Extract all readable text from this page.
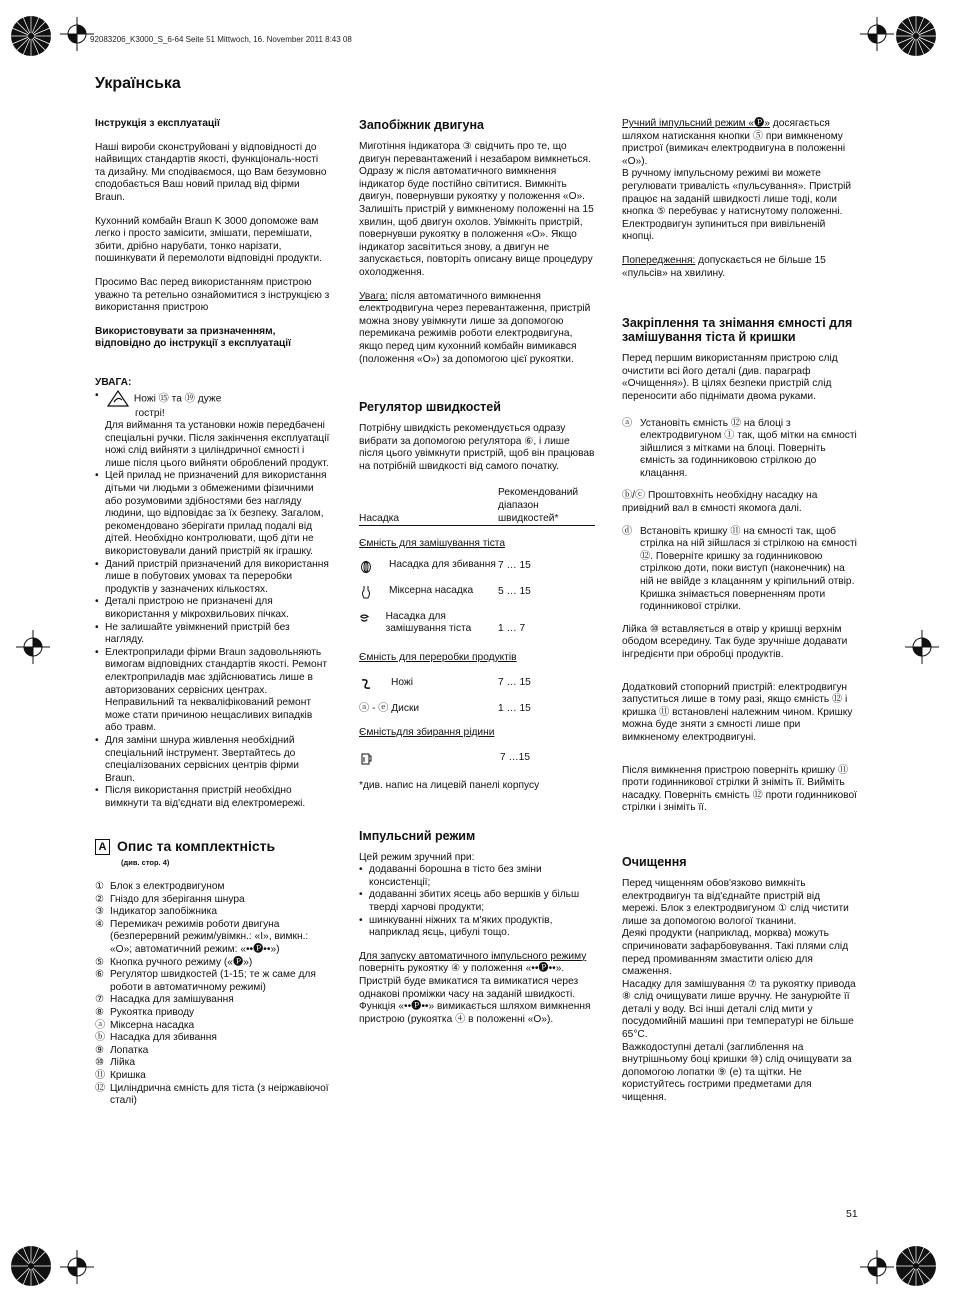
92083206_K3000_S_6-64 Seite 51 Mittwoch, 16. November 2011 8:43 08
Українська

Інструкція з експлуатації

Наші вироби сконструйовані у відповідності до найвищих стандартів якості, функціональ-ності та дизайну. Ми сподіваємося, що Вам безумовно сподобається Ваш новий прилад від фірми Braun.

Кухонний комбайн Braun K 3000 допоможе вам легко і просто замісити, змішати, перемішати, збити, дрібно нарубати, тонко нарізати, пошинкувати й перемолоти відповідні продукти.

Просимо Вас перед використанням пристрою уважно та ретельно ознайомитися з інструкцією з використання пристрою

Використовувати за призначенням, відповідно до інструкції з експлуатації

УВАГА:
• Ножі ⑮ та ⑲ дуже
гострі!
Для виймання та установки ножів передбачені спеціальні ручки. Після закінчення експлуатації ножі слід вийняти з циліндричної ємності і лише після цього вийняти оброблений продукт.
• Цей прилад не призначений для використання дітьми чи людьми з обмеженими фізичними або розумовими здібностями без нагляду людини, що відповідає за їх безпеку. Загалом, рекомендовано зберігати прилад подалі від дітей. Необхідно контролювати, щоб діти не використовували даний пристрій як іграшку.
• Даний пристрій призначений для використання лише в побутових умовах та переробки продуктів у зазначених кількостях.
• Деталі пристрою не призначені для використання у мікрохвильових пічках.
• Не залишайте увімкнений пристрій без нагляду.
• Електроприлади фірми Braun задовольняють вимогам відповідних стандартів якості. Ремонт електроприладів має здійснюватись лише в авторизованих сервісних центрах. Неправильний та некваліфікований ремонт може стати причиною нещасливих випадків або травм.
• Для заміни шнура живлення необхідний спеціальний інструмент. Звертайтесь до спеціалізованих сервісних центрів фірми Braun.
• Після використання пристрій необхідно вимкнути та від'єднати від електромережі.
A Опис та комплектність
(див. стор. 4)
① Блок з електродвигуном
② Гніздо для зберігання шнура
③ Індикатор запобіжника
④ Перемикач режимів роботи двигуна (безперервний режим/увімкн.: «I», вимкн.: «O»; автоматичний режим: «••🅟••»)
⑤ Кнопка ручного режиму («🅟»)
⑥ Регулятор швидкостей (1-15; те ж саме для роботи в автоматичному режимі)
⑦ Насадка для замішування
⑧ Рукоятка приводу
ⓐ Міксерна насадка
ⓑ Насадка для збивання
⑨ Лопатка
⑩ Лійка
⑪ Кришка
⑫ Циліндрична ємність для тіста (з неіржавіючої сталі)
Запобіжник двигуна

Миготіння індикатора ③ свідчить про те, що двигун перевантажений і незабаром вимкнеться. Одразу ж після автоматичного вимкнення індикатор буде постійно світитися. Вимкніть двигун, повернувши рукоятку у положення «O». Залишіть пристрій у вимкненому положенні на 15 хвилин, щоб двигун охолов. Увімкніть пристрій, повернувши рукоятку в положення «O». Якщо індикатор засвітиться знову, а двигун не запускається, повторіть описану вище процедуру охолодження.

Увага: після автоматичного вимкнення електродвигуна через перевантаження, пристрій можна знову увімкнути лише за допомогою перемикача режимів роботи електродвигуна, якщо перед цим кухонний комбайн вимикався (положення «O») за допомогою цієї рукоятки.

Регулятор швидкостей

Потрібну швидкість рекомендується одразу вибрати за допомогою регулятора ⑥, і лише після цього увімкнути пристрій, щоб він працював на потрібній швидкості від самого початку.

Насадка	Рекомендований діапазон швидкостей*
Ємність для замішування тіста	

Насадка для збивання	7 … 15

Міксерна насадка	5 … 15

Насадка для замішування тіста	1 … 7
Ємність для переробки продуктів	

Ножі	7 … 15
ⓐ - ⓔ Диски	1 … 15
Ємністьдля збирання рідини	
	7 …15

*див. напис на лицевій панелі корпусу

Імпульсний режим
Цей режим зручний при:
• додаванні борошна в тісто без зміни консистенції;
• додаванні збитих ясець або вершків у більш тверді харчові продукти;
• шинкуванні ніжних та м'яких продуктів, наприклад яєць, цибулі тощо.

Для запуску автоматичного імпульсного режиму поверніть рукоятку ④ у положення «••🅟••».
Пристрій буде вмикатися та вимикатися через однакові проміжки часу на заданій швидкості. Функція «••🅟••» вимикається шляхом вимкнення пристрою (рукоятка ④ в положенні «O»).

Ручний імпульсний режим «🅟» досягається шляхом натискання кнопки ⑤ при вимкненому пристрої (вимикач електродвигуна в положенні «O»).
В ручному імпульсному режимі ви можете регулювати тривалість «пульсування». Пристрій працює на заданій швидкості лише тоді, коли кнопка ⑤ перебуває у натиснутому положенні. Електродвигун зупиниться при вивільненій кнопці.

Попередження: допускається не більше 15 «пульсів» на хвилину.

Закріплення та знімання ємності для замішування тіста й кришки

Перед першим використанням пристрою слід очистити всі його деталі (див. параграф «Очищення»). В цілях безпеки пристрій слід переносити або піднімати двома руками.

ⓐ Установіть ємність ⑫ на блоці з електродвигуном ① так, щоб мітки на ємності зійшлися з мітками на блоці. Поверніть ємність за годинниковою стрілкою до клацання.
ⓑ/ⓒ Проштовхніть необхідну насадку на привідний вал в ємності якомога далі.
ⓓ Встановіть кришку ⑪ на ємності так, щоб стрілка на ній зійшлася зі стрілкою на ємності ⑫. Поверніте кришку за годинниковою стрілкою доти, поки виступ (наконечник) на ній не ввійде з клацанням у кріпильний отвір. Кришка знімається поверненням проти годинникової стрілки.

Лійка ⑩ вставляється в отвір у кришці верхнім ободом всередину. Так буде зручніше додавати інгредієнти при обробці продуктів.

Додатковий стопорний пристрій: електродвигун запуститься лише в тому разі, якщо ємність ⑫ і кришка ⑪ встановлені належним чином. Кришку можна буде зняти з ємності лише при вимкненому електродвигуні.

Після вимкнення пристрою поверніть кришку ⑪ проти годинникової стрілки й зніміть її. Вийміть насадку. Поверніть ємність ⑫ проти годинникової стрілки і зніміть її.

Очищення

Перед чищенням обов'язково вимкніть електродвигун та від'єднайте пристрій від мережі. Блок з електродвигуном ① слід чистити лише за допомогою вологої тканини.
Деякі продукти (наприклад, морква) можуть спричиновати зафарбовування. Такі плями слід перед промиванням змастити олією для смаження.
Насадку для замішування ⑦ та рукоятку привода ⑧ слід очищувати лише вручну. Не занурюйте її деталі у воду. Всі інші деталі слід мити у посудомийній машині при температурі не більше 65°C.
Важкодоступні деталі (заглиблення на внутрішньому боці кришки ⑩) слід очищувати за допомогою лопатки ⑨ (e) та щітки. Не користуйтесь гострими предметами для чищення.

51
